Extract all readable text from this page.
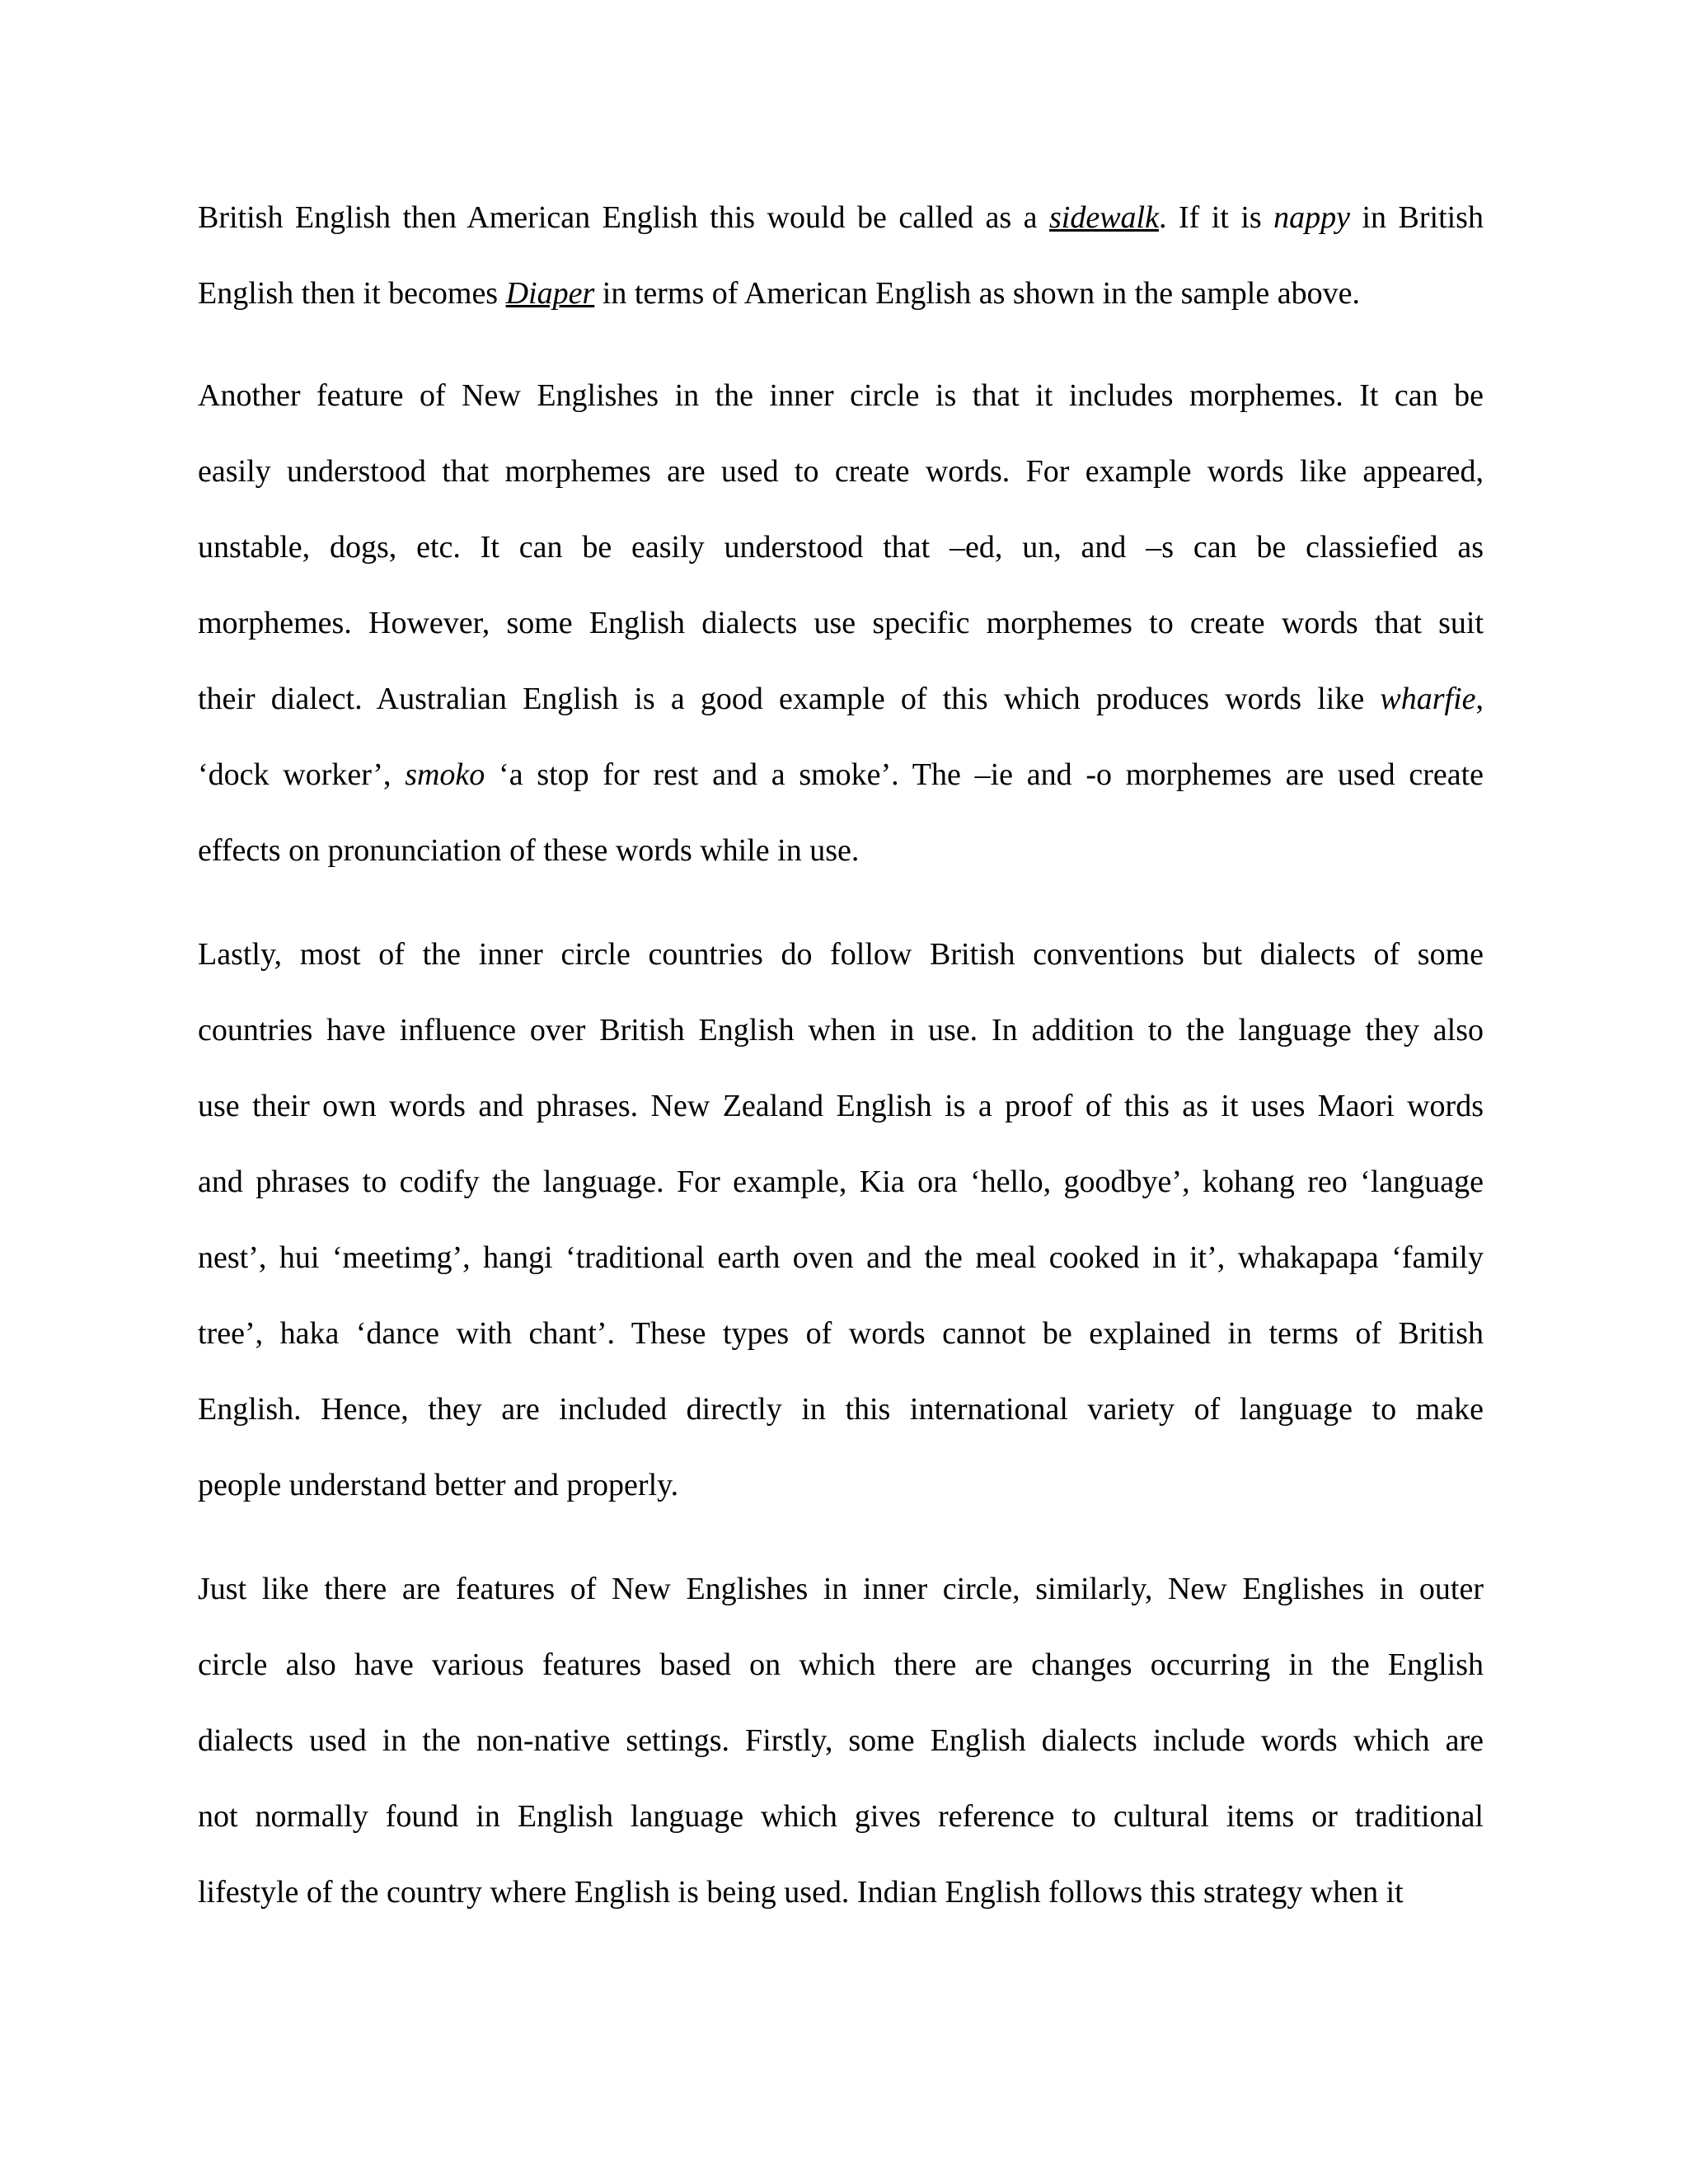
British English then American English this would be called as a sidewalk. If it is nappy in British
English then it becomes Diaper in terms of American English as shown in the sample above.
Another feature of New Englishes in the inner circle is that it includes morphemes. It can be
easily understood that morphemes are used to create words. For example words like appeared,
unstable, dogs, etc. It can be easily understood that –ed, un, and –s can be classiefied as
morphemes. However, some English dialects use specific morphemes to create words that suit
their dialect. Australian English is a good example of this which produces words like wharfie,
‘dock worker’, smoko ‘a stop for rest and a smoke’. The –ie and -o morphemes are used create
effects on pronunciation of these words while in use.
Lastly, most of the inner circle countries do follow British conventions but dialects of some
countries have influence over British English when in use. In addition to the language they also
use their own words and phrases. New Zealand English is a proof of this as it uses Maori words
and phrases to codify the language. For example, Kia ora ‘hello, goodbye’, kohang reo ‘language
nest’, hui ‘meetimg’, hangi ‘traditional earth oven and the meal cooked in it’, whakapapa ‘family
tree’, haka ‘dance with chant’. These types of words cannot be explained in terms of British
English. Hence, they are included directly in this international variety of language to make
people understand better and properly.
Just like there are features of New Englishes in inner circle, similarly, New Englishes in outer
circle also have various features based on which there are changes occurring in the English
dialects used in the non-native settings. Firstly, some English dialects include words which are
not normally found in English language which gives reference to cultural items or traditional
lifestyle of the country where English is being used. Indian English follows this strategy when it
